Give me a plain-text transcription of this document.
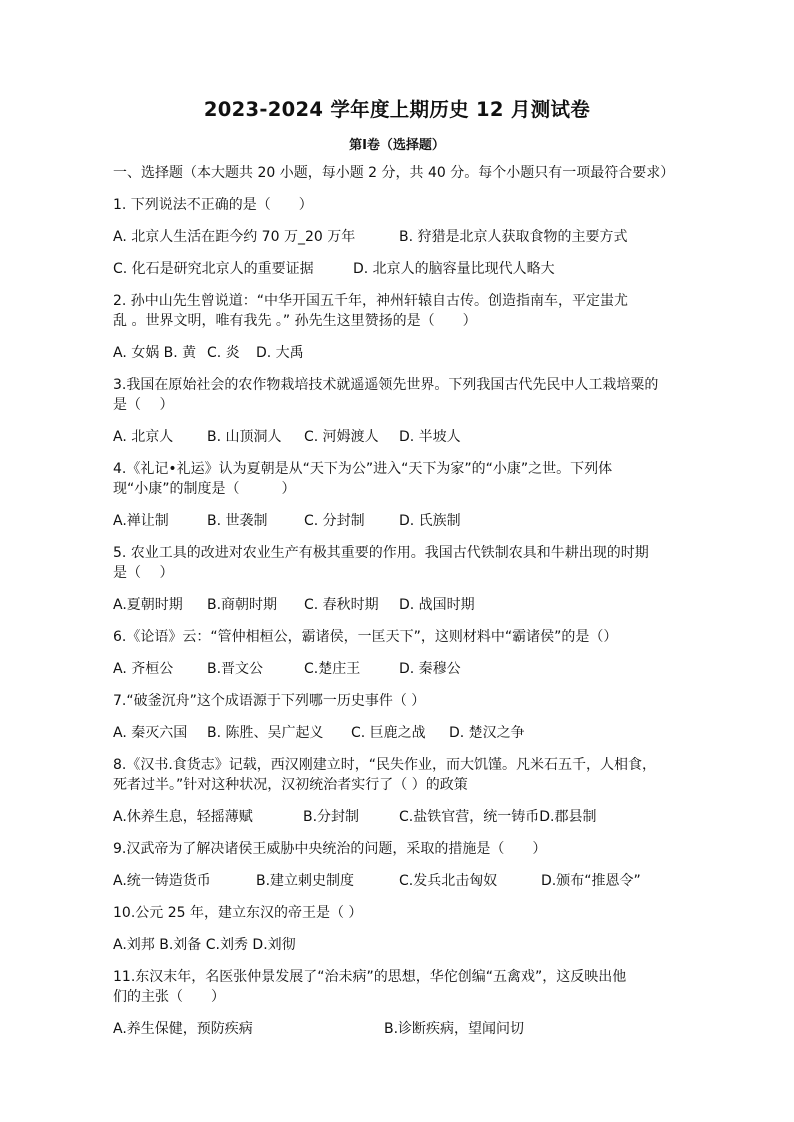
2023-2024 学年度上期历史 12 月测试卷
第Ⅰ卷（选择题）
一、选择题（本大题共 20 小题，每小题 2 分，共 40 分。每个小题只有一项最符合要求）
1. 下列说法不正确的是（　　）
A. 北京人生活在距今约 70 万_20 万年	B. 狩猎是北京人获取食物的主要方式
C. 化石是研究北京人的重要证据	D. 北京人的脑容量比现代人略大
2. 孙中山先生曾说道：“中华开国五千年，神州轩辕自古传。创造指南车，平定蚩尤
乱 。世界文明，唯有我先 。” 孙先生这里赞扬的是（　　）
A. 女娲 B. 黄 C. 炎 D. 大禹
3.我国在原始社会的农作物栽培技术就遥遥领先世界。下列我国古代先民中人工栽培粟的
是（　 ）
A. 北京人 B. 山顶洞人 C. 河姆渡人 D. 半坡人
4.《礼记•礼运》认为夏朝是从“天下为公”进入“天下为家”的“小康”之世。下列体
现“小康”的制度是（　　　）
A.禅让制	B. 世袭制	C. 分封制 D. 氏族制
5. 农业工具的改进对农业生产有极其重要的作用。我国古代铁制农具和牛耕出现的时期
是（　 ）
A.夏朝时期 B.商朝时期 C. 春秋时期 D. 战国时期
6.《论语》云：“管仲相桓公，霸诸侯，一匡天下”，这则材料中“霸诸侯”的是（）
A. 齐桓公 B.晋文公	C.楚庄王	D. 秦穆公
7.“破釜沉舟”这个成语源于下列哪一历史事件（ ）
A. 秦灭六国 B. 陈胜、吴广起义 C. 巨鹿之战 D. 楚汉之争
8.《汉书.食货志》记载，西汉刚建立时，“民失作业，而大饥馑。凡米石五千，人相食，
死者过半。”针对这种状况，汉初统治者实行了（ ）的政策
A.休养生息，轻摇薄赋	B.分封制	C.盐铁官营，统一铸币D.郡县制
9.汉武帝为了解决诸侯王威胁中央统治的问题，采取的措施是（　　）
A.统一铸造货币	B.建立刺史制度	C.发兵北击匈奴	D.颁布“推恩令”
10.公元 25 年，建立东汉的帝王是（ ）
A.刘邦 B.刘备 C.刘秀 D.刘彻
11.东汉末年，名医张仲景发展了“治未病”的思想，华佗创编“五禽戏”，这反映出他
们的主张（　　）
A.养生保健，预防疾病	B.诊断疾病，望闻问切
